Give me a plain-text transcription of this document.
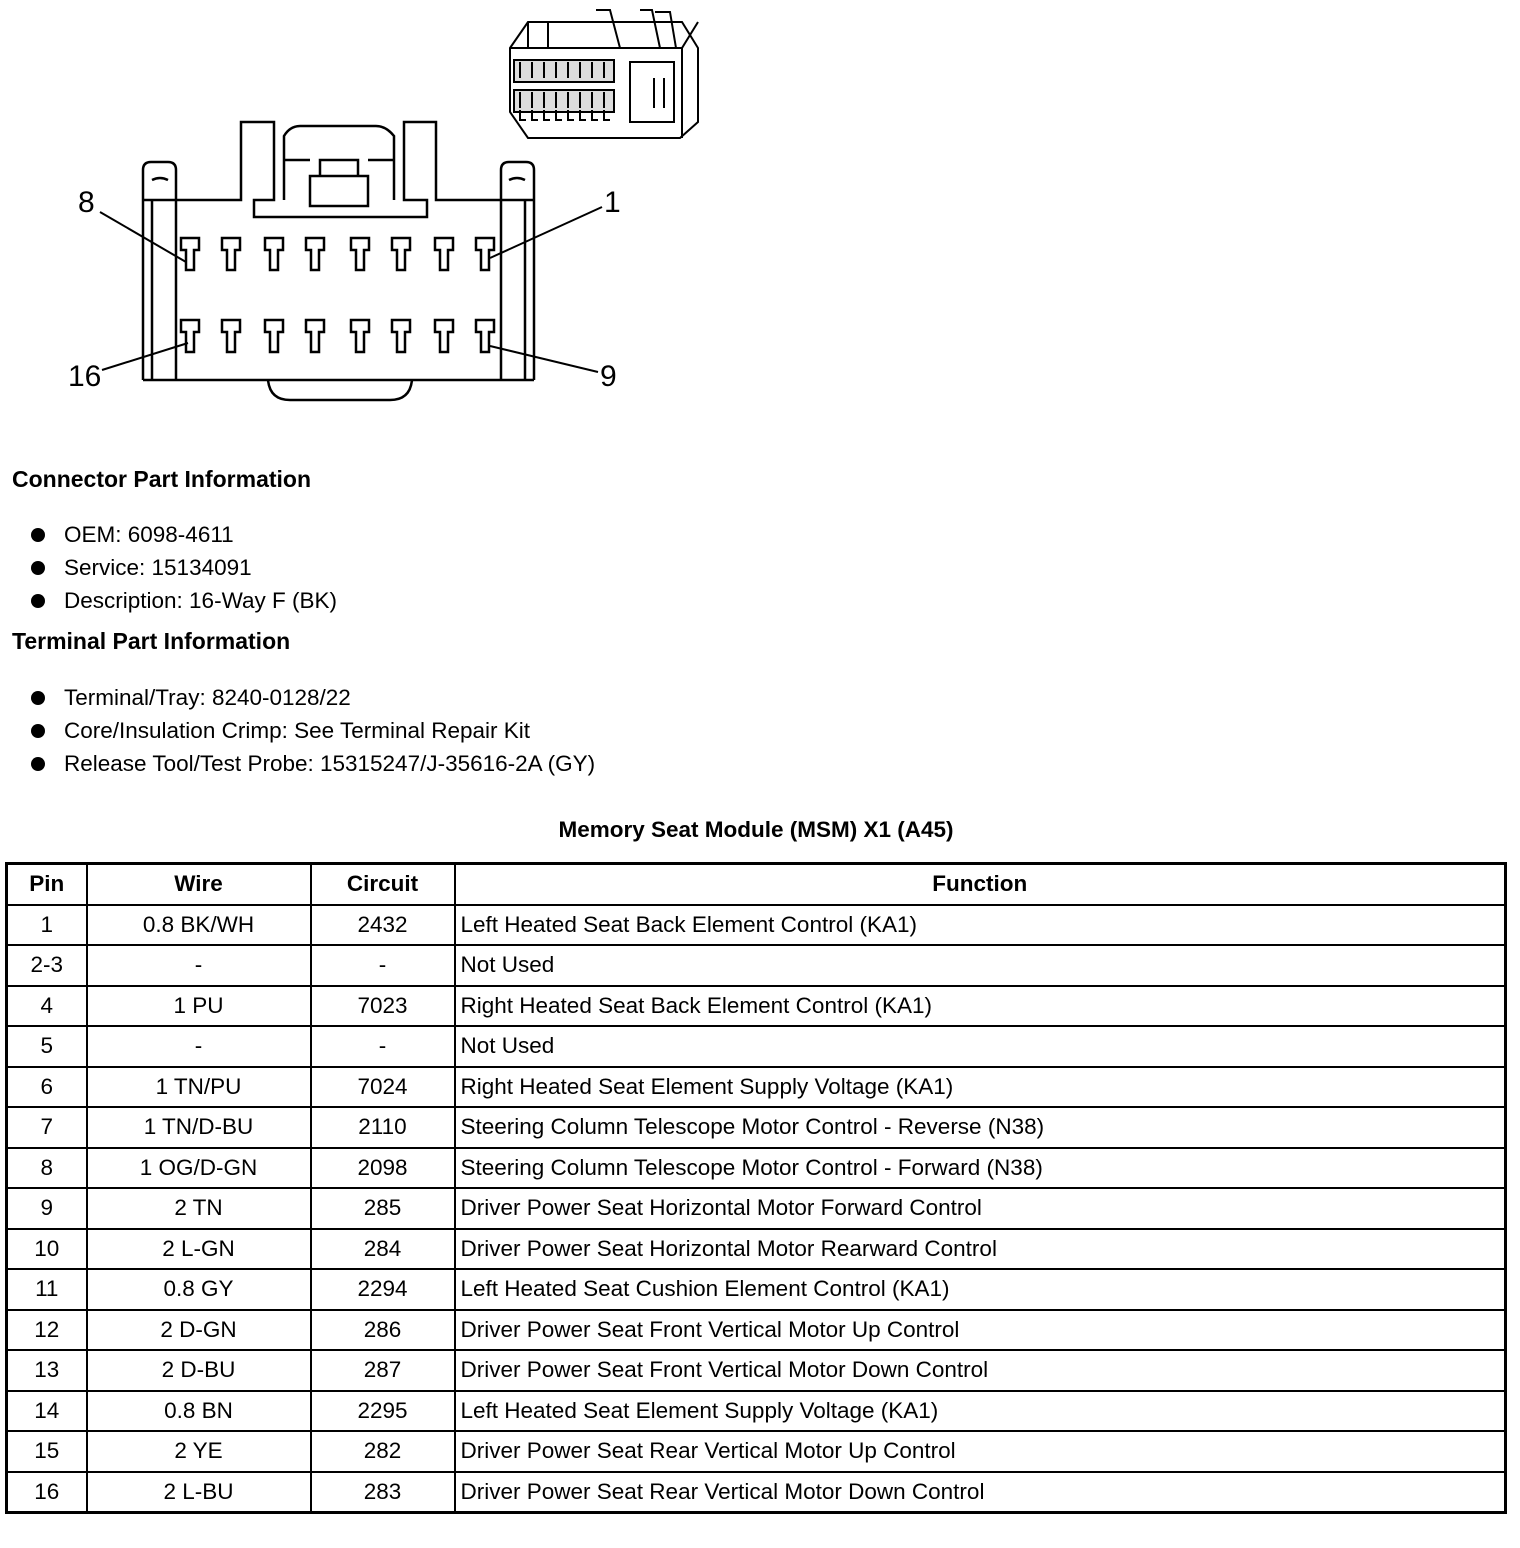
8	1
16	9
Connector Part Information
OEM: 6098-4611
Service: 15134091
Description: 16-Way F (BK)
Terminal Part Information
Terminal/Tray: 8240-0128/22
Core/Insulation Crimp: See Terminal Repair Kit
Release Tool/Test Probe: 15315247/J-35616-2A (GY)
Memory Seat Module (MSM) X1 (A45)
Pin	Wire	Circuit	Function
1	0.8 BK/WH	2432	Left Heated Seat Back Element Control (KA1)
2-3	-	-	Not Used
4	1 PU	7023	Right Heated Seat Back Element Control (KA1)
5	-	-	Not Used
6	1 TN/PU	7024	Right Heated Seat Element Supply Voltage (KA1)
7	1 TN/D-BU	2110	Steering Column Telescope Motor Control - Reverse (N38)
8	1 OG/D-GN	2098	Steering Column Telescope Motor Control - Forward (N38)
9	2 TN	285	Driver Power Seat Horizontal Motor Forward Control
10	2 L-GN	284	Driver Power Seat Horizontal Motor Rearward Control
11	0.8 GY	2294	Left Heated Seat Cushion Element Control (KA1)
12	2 D-GN	286	Driver Power Seat Front Vertical Motor Up Control
13	2 D-BU	287	Driver Power Seat Front Vertical Motor Down Control
14	0.8 BN	2295	Left Heated Seat Element Supply Voltage (KA1)
15	2 YE	282	Driver Power Seat Rear Vertical Motor Up Control
16	2 L-BU	283	Driver Power Seat Rear Vertical Motor Down Control
